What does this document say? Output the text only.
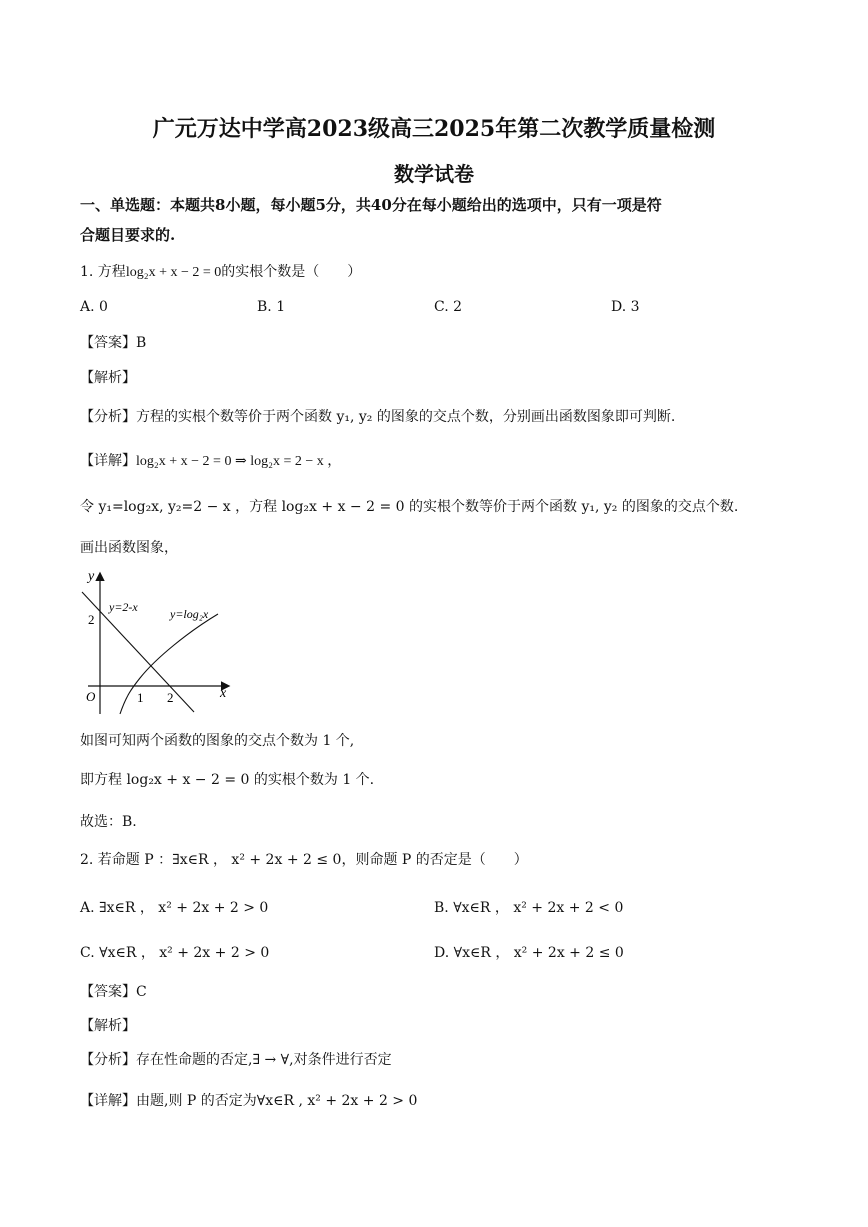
广元万达中学高2023级高三2025年第二次教学质量检测
数学试卷
一、单选题：本题共8小题，每小题5分，共40分在每小题给出的选项中，只有一项是符
合题目要求的.
1. 方程log₂x + x − 2 = 0的实根个数是（　　）
A. 0	B. 1	C. 2	D. 3
【答案】B
【解析】
【分析】方程的实根个数等价于两个函数 y₁, y₂ 的图象的交点个数，分别画出函数图象即可判断.
【详解】log₂x + x − 2 = 0 ⇒ log₂x = 2 − x ，
令 y₁=log₂x, y₂=2 − x ，方程 log₂x + x − 2 = 0 的实根个数等价于两个函数 y₁, y₂ 的图象的交点个数.
画出函数图象，
y
x
O
2
1 2
y=2-x	y=log₂x
如图可知两个函数的图象的交点个数为 1 个,
即方程 log₂x + x − 2 = 0 的实根个数为 1 个.
故选：B.
2. 若命题 P ：∃x∈R ， x² + 2x + 2 ≤ 0，则命题 P 的否定是（　　）
A. ∃x∈R ， x² + 2x + 2 > 0	B. ∀x∈R ， x² + 2x + 2 < 0
C. ∀x∈R ， x² + 2x + 2 > 0	D. ∀x∈R ， x² + 2x + 2 ≤ 0
【答案】C
【解析】
【分析】存在性命题的否定,∃ → ∀,对条件进行否定
【详解】由题,则 P 的否定为∀x∈R , x² + 2x + 2 > 0
